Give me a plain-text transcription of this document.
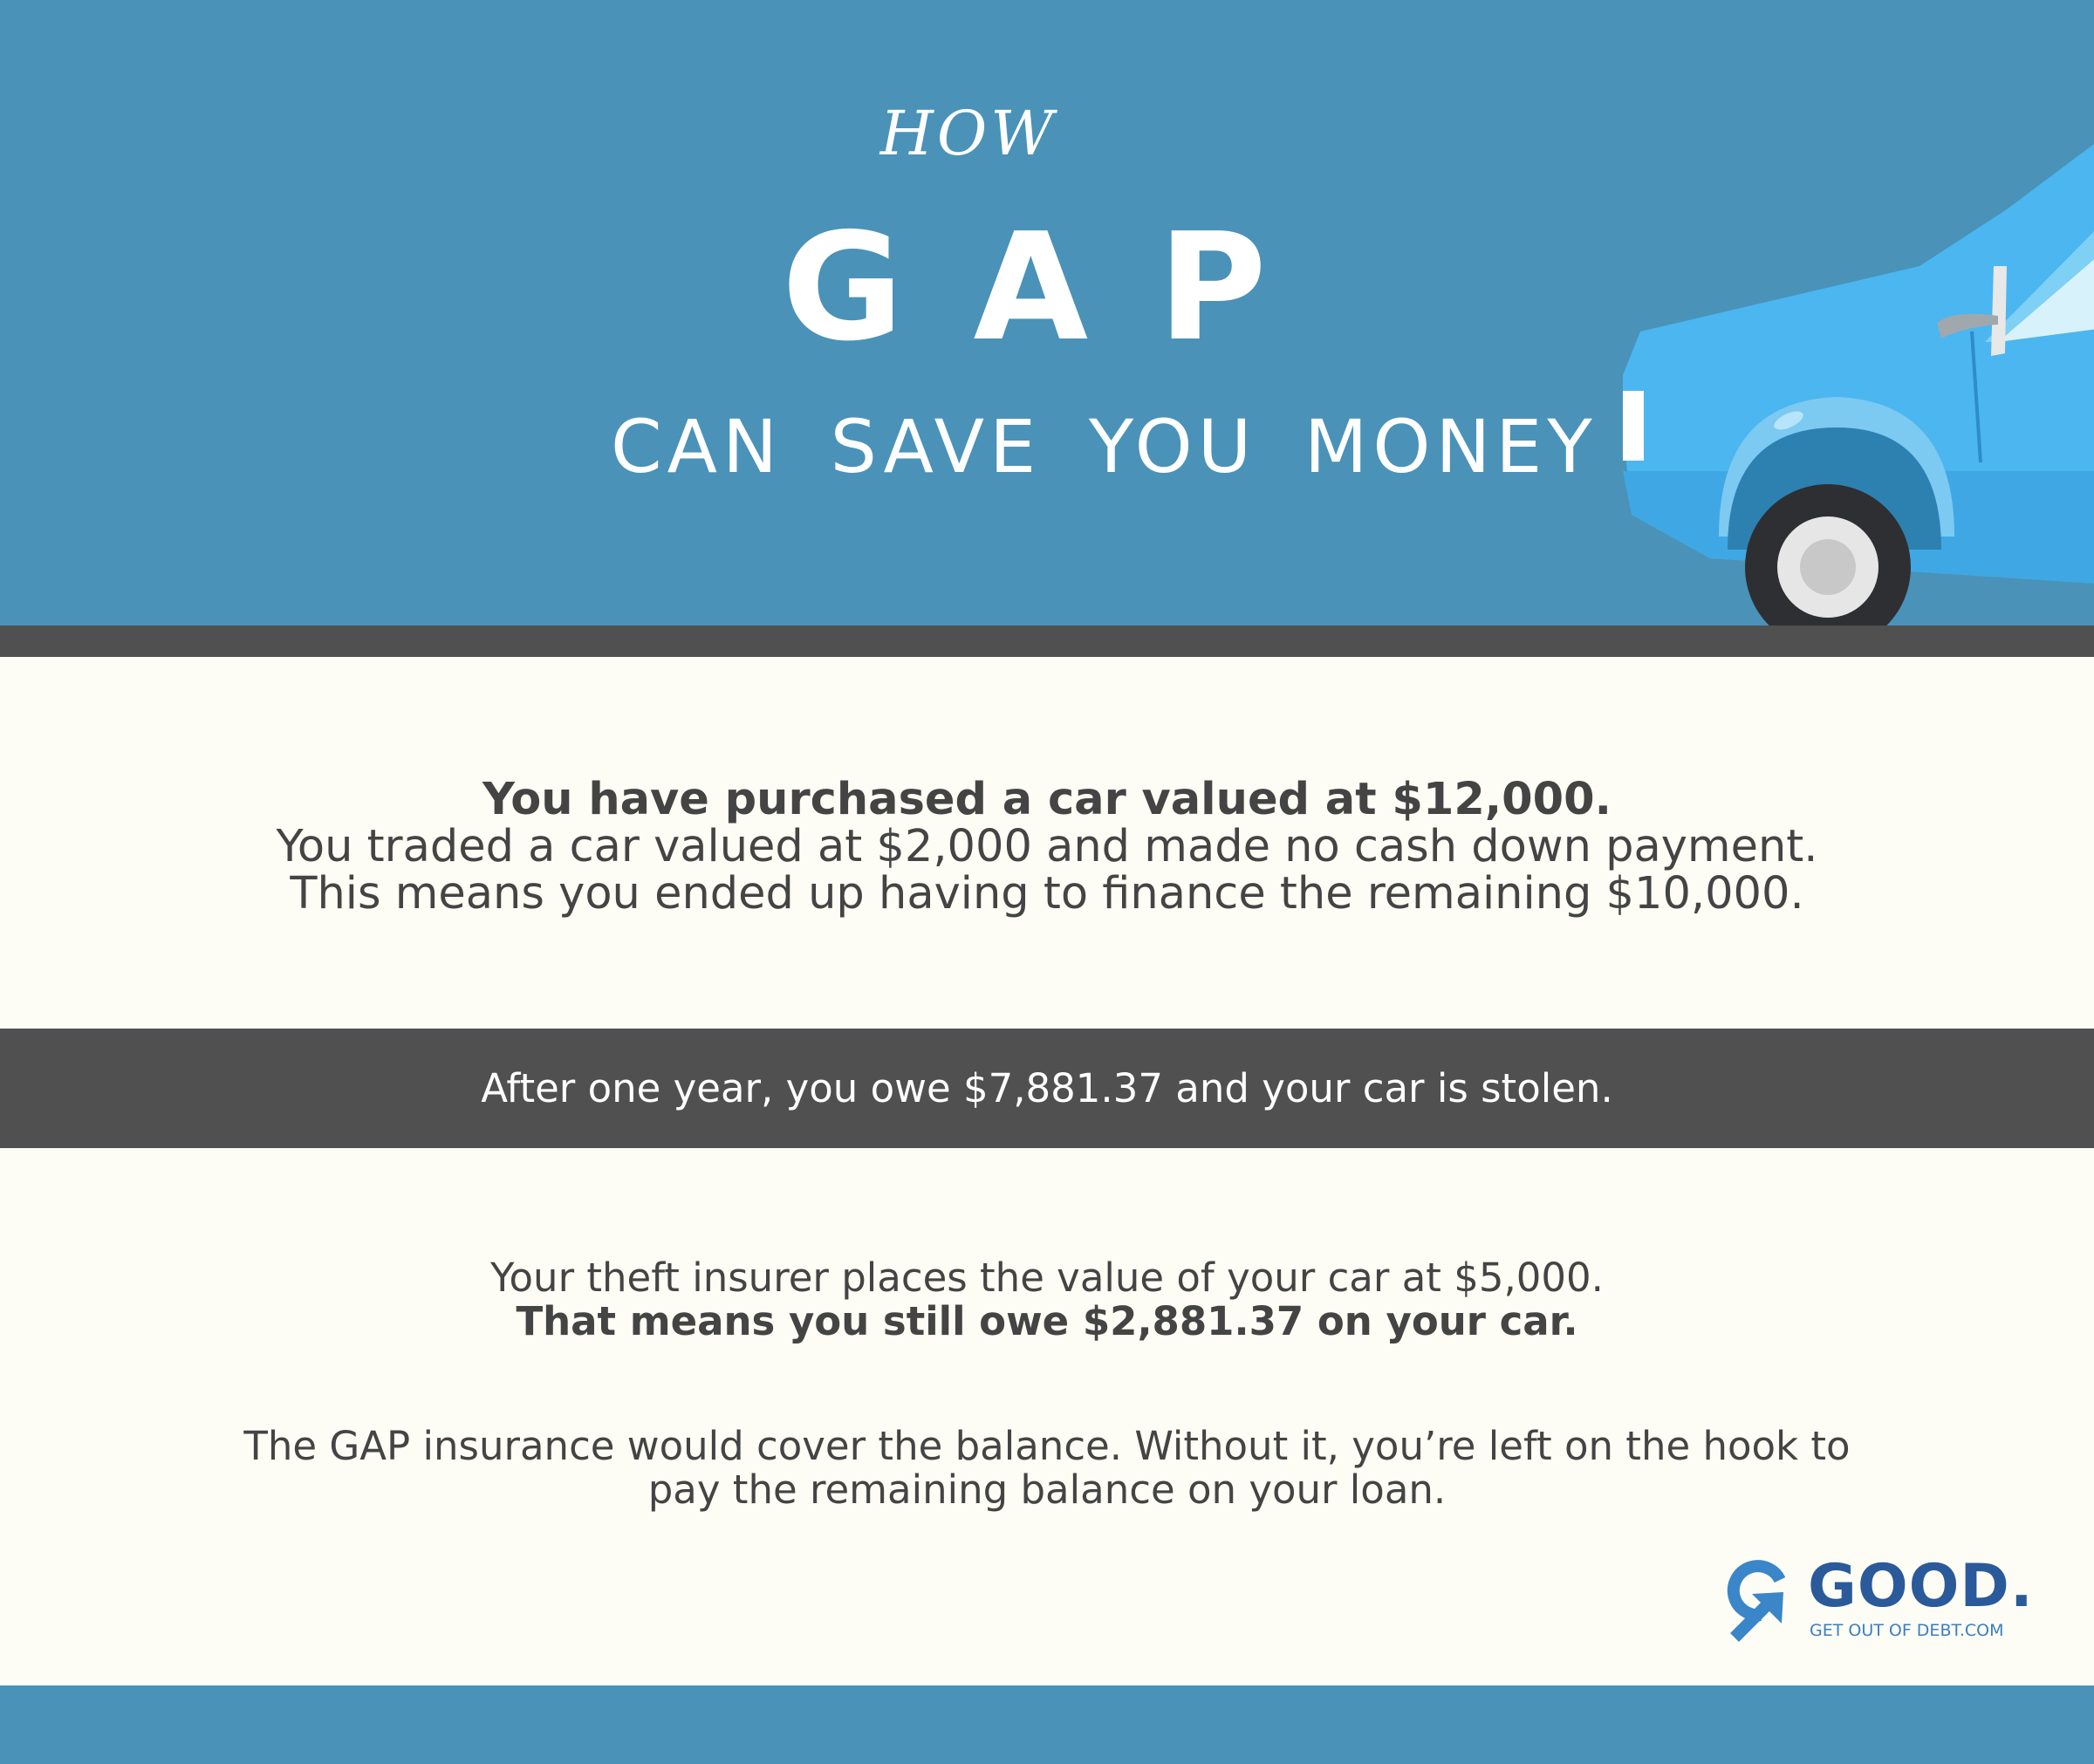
HOW
GAP
CAN SAVE YOU MONEY
You have purchased a car valued at $12,000.
You traded a car valued at $2,000 and made no cash down payment.
This means you ended up having to finance the remaining $10,000.
After one year, you owe $7,881.37 and your car is stolen.
Your theft insurer places the value of your car at $5,000.
That means you still owe $2,881.37 on your car.
The GAP insurance would cover the balance. Without it, you’re left on the hook to
pay the remaining balance on your loan.
GOOD.
GET OUT OF DEBT.COM
